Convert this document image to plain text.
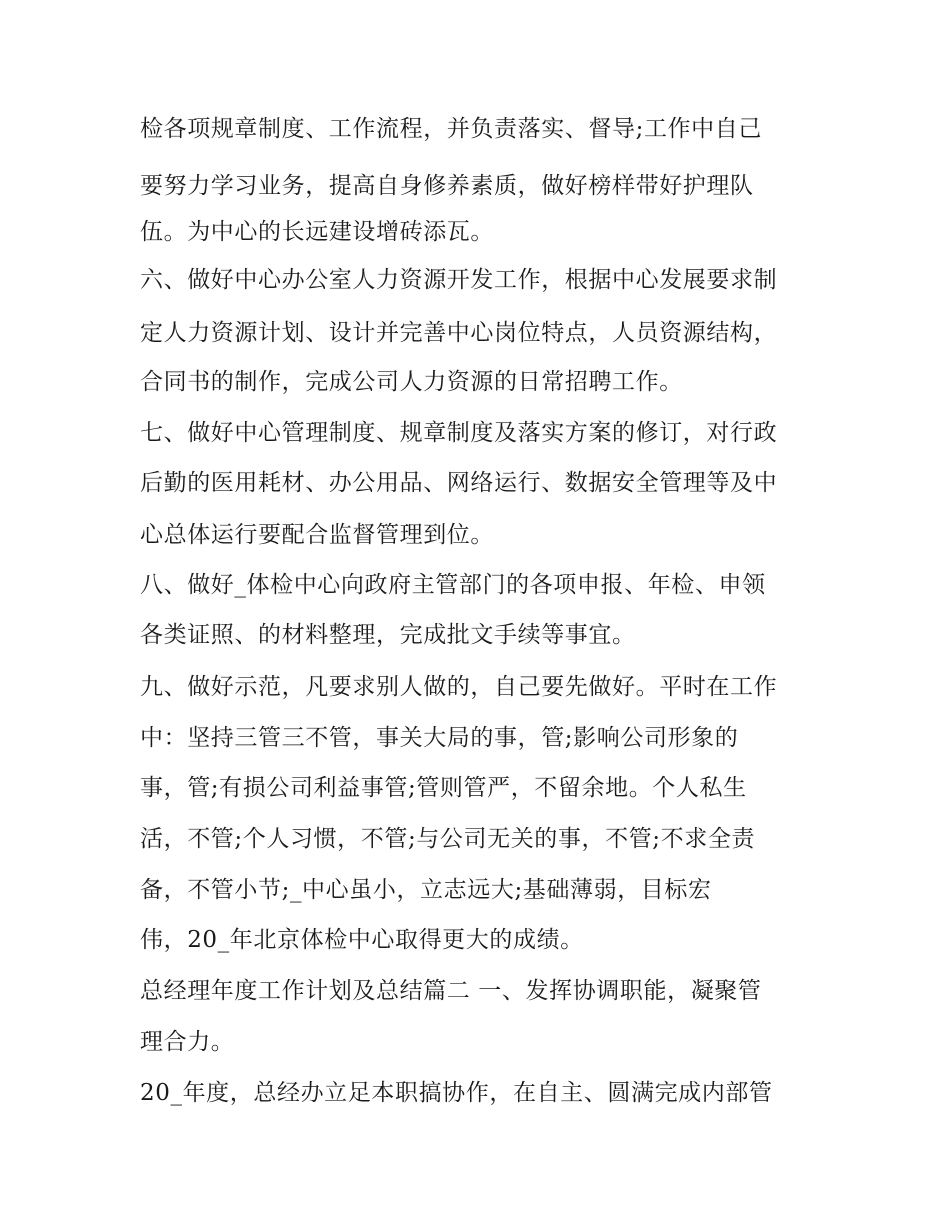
检各项规章制度、工作流程，并负责落实、督导;工作中自己

要努力学习业务，提高自身修养素质，做好榜样带好护理队

伍。为中心的长远建设增砖添瓦。

六、做好中心办公室人力资源开发工作，根据中心发展要求制

定人力资源计划、设计并完善中心岗位特点，人员资源结构，

合同书的制作，完成公司人力资源的日常招聘工作。

七、做好中心管理制度、规章制度及落实方案的修订，对行政

后勤的医用耗材、办公用品、网络运行、数据安全管理等及中

心总体运行要配合监督管理到位。

八、做好_体检中心向政府主管部门的各项申报、年检、申领

各类证照、的材料整理，完成批文手续等事宜。

九、做好示范，凡要求别人做的，自己要先做好。平时在工作

中：坚持三管三不管，事关大局的事，管;影响公司形象的

事，管;有损公司利益事管;管则管严，不留余地。个人私生

活，不管;个人习惯，不管;与公司无关的事，不管;不求全责

备，不管小节;_中心虽小，立志远大;基础薄弱，目标宏

伟，20_年北京体检中心取得更大的成绩。

总经理年度工作计划及总结篇二 一、发挥协调职能，凝聚管

理合力。

20_年度，总经办立足本职搞协作，在自主、圆满完成内部管
